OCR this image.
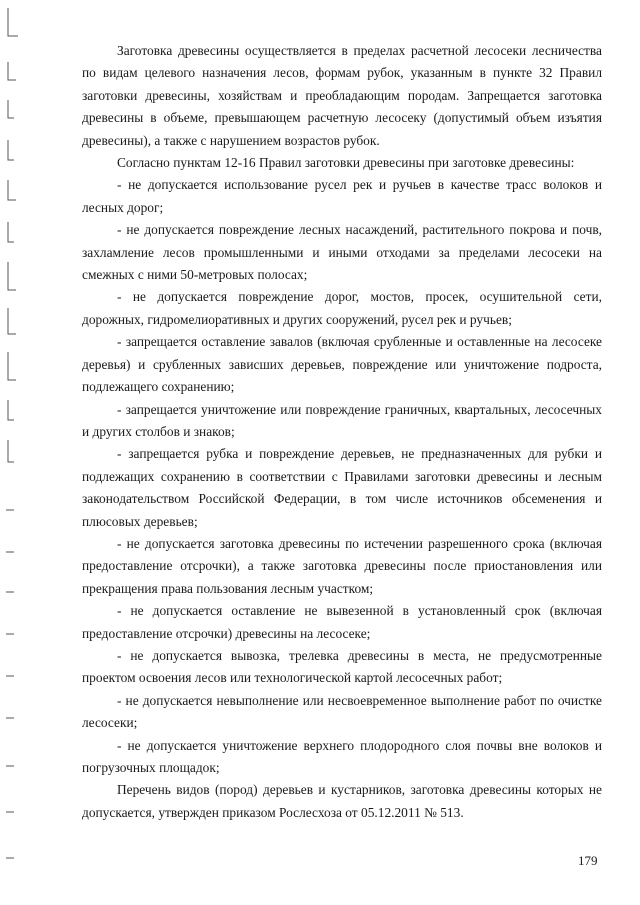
Заготовка древесины осуществляется в пределах расчетной лесосеки лесничества по видам целевого назначения лесов, формам рубок, указанным в пункте 32 Правил заготовки древесины, хозяйствам и преобладающим породам. Запрещается заготовка древесины в объеме, превышающем расчетную лесосеку (допустимый объем изъятия древесины), а также с нарушением возрастов рубок.

Согласно пунктам 12-16 Правил заготовки древесины при заготовке древесины:

- не допускается использование русел рек и ручьев в качестве трасс волоков и лесных дорог;

- не допускается повреждение лесных насаждений, растительного покрова и почв, захламление лесов промышленными и иными отходами за пределами лесосеки на смежных с ними 50-метровых полосах;

- не допускается повреждение дорог, мостов, просек, осушительной сети, дорожных, гидромелиоративных и других сооружений, русел рек и ручьев;

- запрещается оставление завалов (включая срубленные и оставленные на лесосеке деревья) и срубленных зависших деревьев, повреждение или уничтожение подроста, подлежащего сохранению;

- запрещается уничтожение или повреждение граничных, квартальных, лесосечных и других столбов и знаков;

- запрещается рубка и повреждение деревьев, не предназначенных для рубки и подлежащих сохранению в соответствии с Правилами заготовки древесины и лесным законодательством Российской Федерации, в том числе источников обсеменения и плюсовых деревьев;

- не допускается заготовка древесины по истечении разрешенного срока (включая предоставление отсрочки), а также заготовка древесины после приостановления или прекращения права пользования лесным участком;

- не допускается оставление не вывезенной в установленный срок (включая предоставление отсрочки) древесины на лесосеке;

- не допускается вывозка, трелевка древесины в места, не предусмотренные проектом освоения лесов или технологической картой лесосечных работ;

- не допускается невыполнение или несвоевременное выполнение работ по очистке лесосеки;

- не допускается уничтожение верхнего плодородного слоя почвы вне волоков и погрузочных площадок;

Перечень видов (пород) деревьев и кустарников, заготовка древесины которых не допускается, утвержден приказом Рослесхоза от 05.12.2011 № 513.

179
